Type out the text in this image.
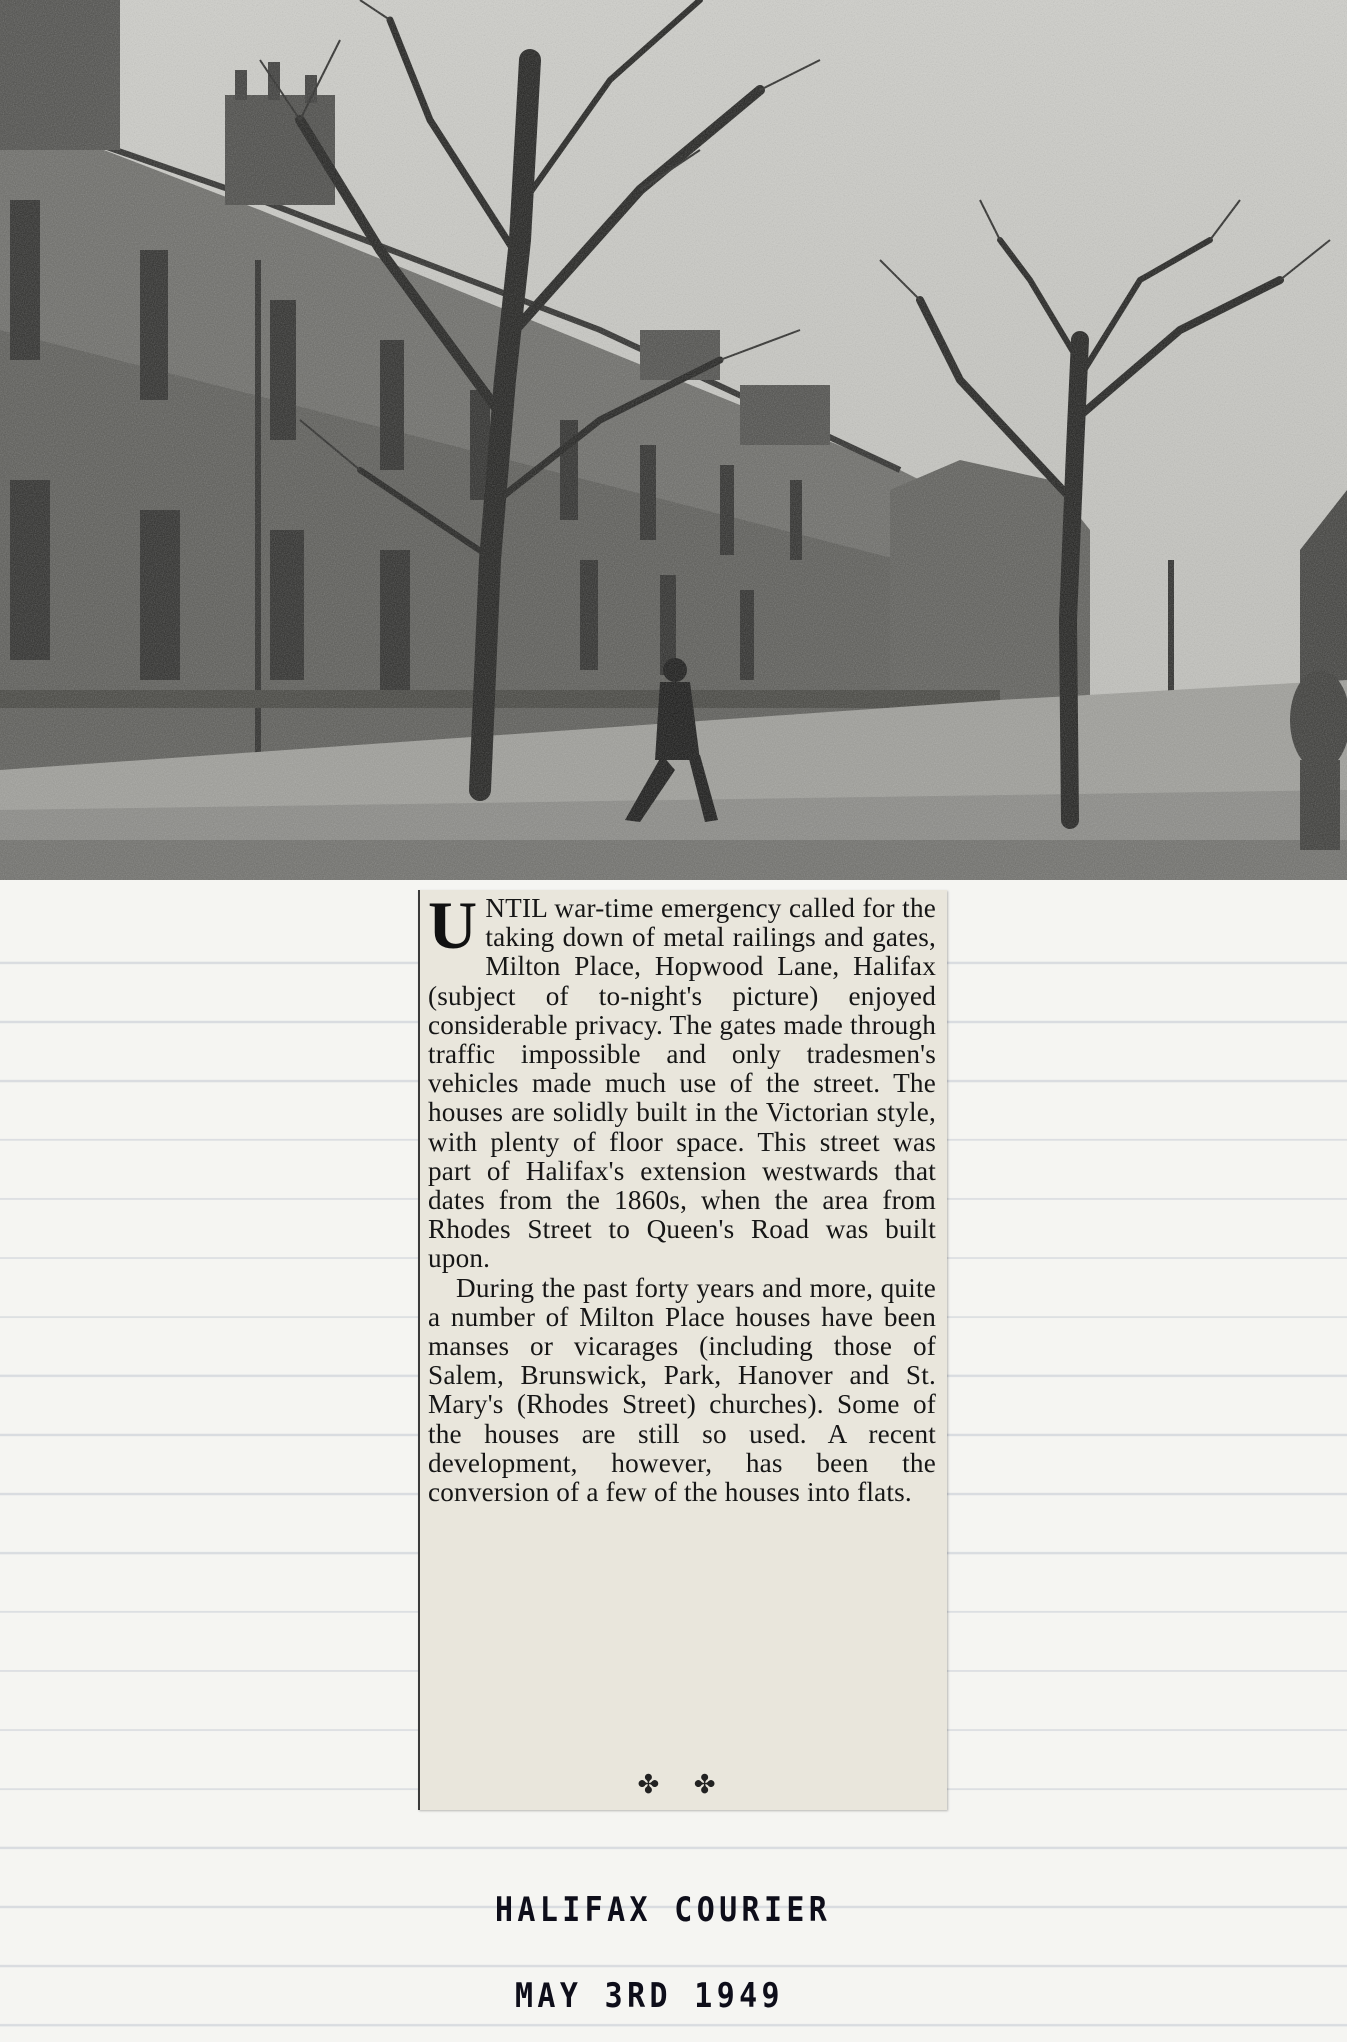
UNTIL war-time emergency called for the taking down of metal railings and gates, Milton Place, Hopwood Lane, Halifax (subject of to-night's picture) enjoyed considerable privacy. The gates made through traffic impossible and only tradesmen's vehicles made much use of the street. The houses are solidly built in the Victorian style, with plenty of floor space. This street was part of Halifax's extension westwards that dates from the 1860s, when the area from Rhodes Street to Queen's Road was built upon.

During the past forty years and more, quite a number of Milton Place houses have been manses or vicarages (including those of Salem, Brunswick, Park, Hanover and St. Mary's (Rhodes Street) churches). Some of the houses are still so used. A recent development, however, has been the conversion of a few of the houses into flats.

✤ ✤
HALIFAX COURIER
MAY 3RD 1949
